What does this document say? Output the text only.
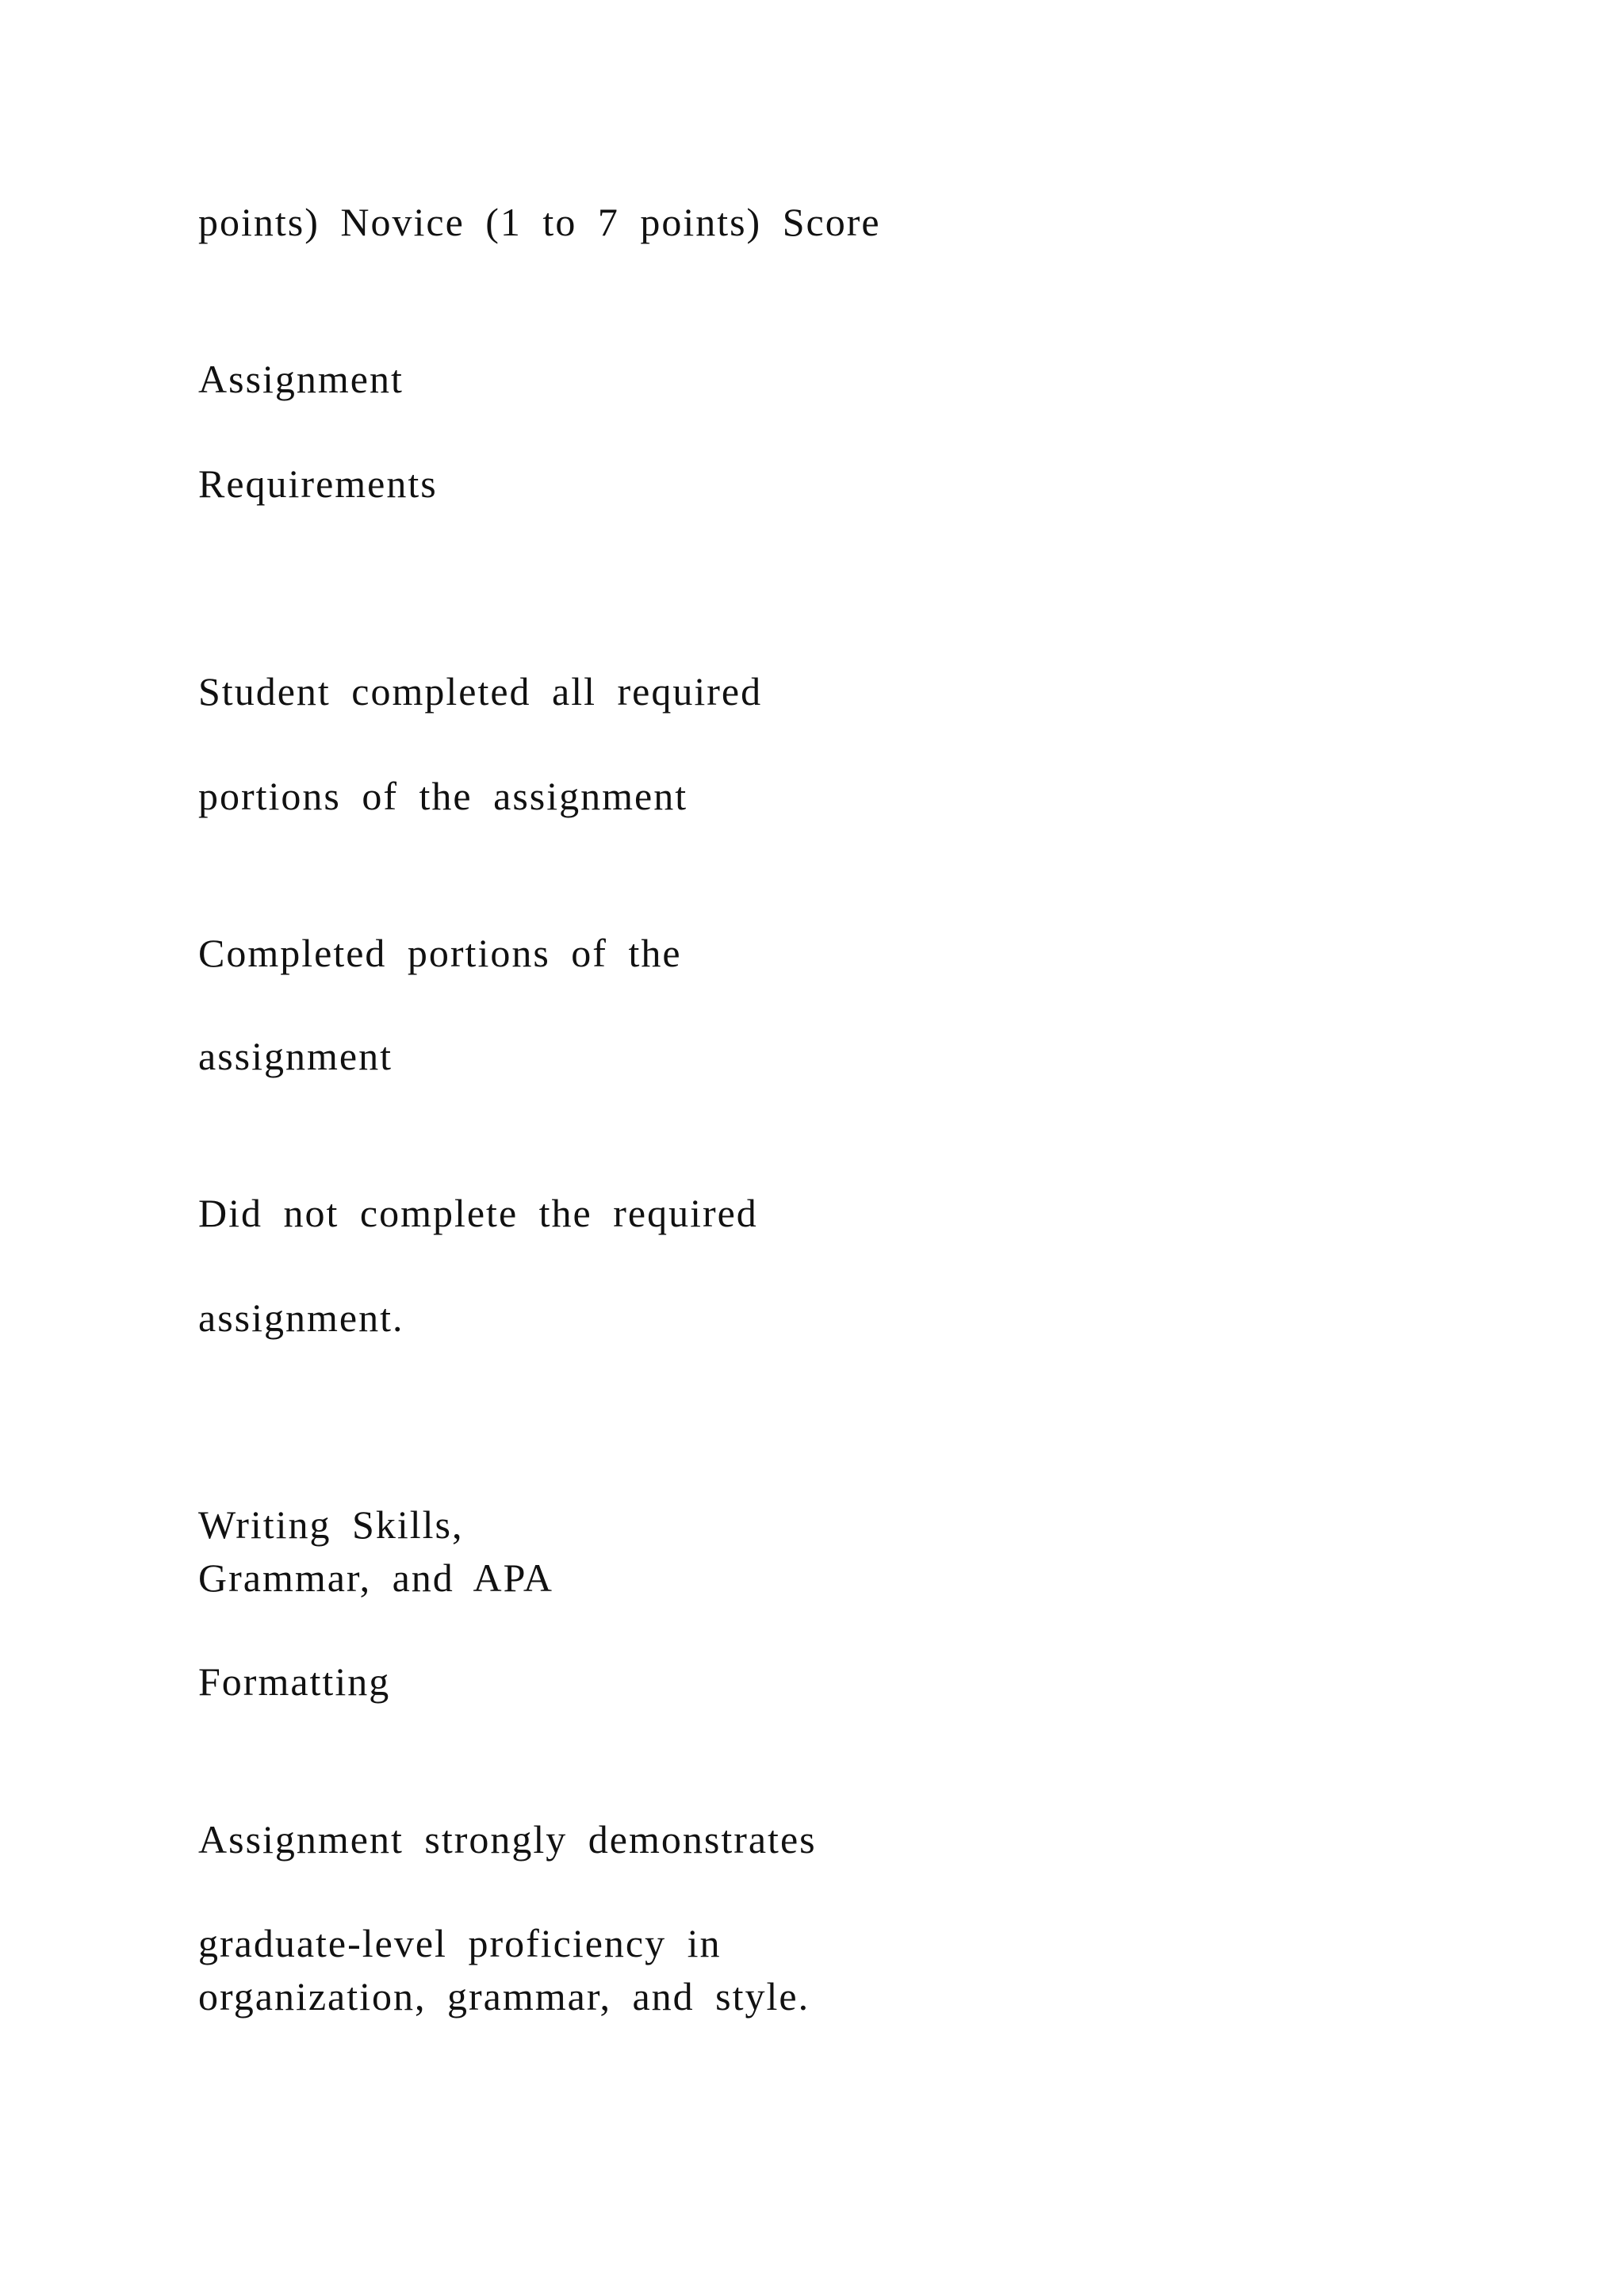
points) Novice (1 to 7 points) Score

Assignment

Requirements

Student completed all required

portions of the assignment

Completed portions of the

assignment

Did not complete the required

assignment.

Writing Skills,

Grammar, and APA

Formatting

Assignment strongly demonstrates

graduate-level proficiency in

organization, grammar, and style.
